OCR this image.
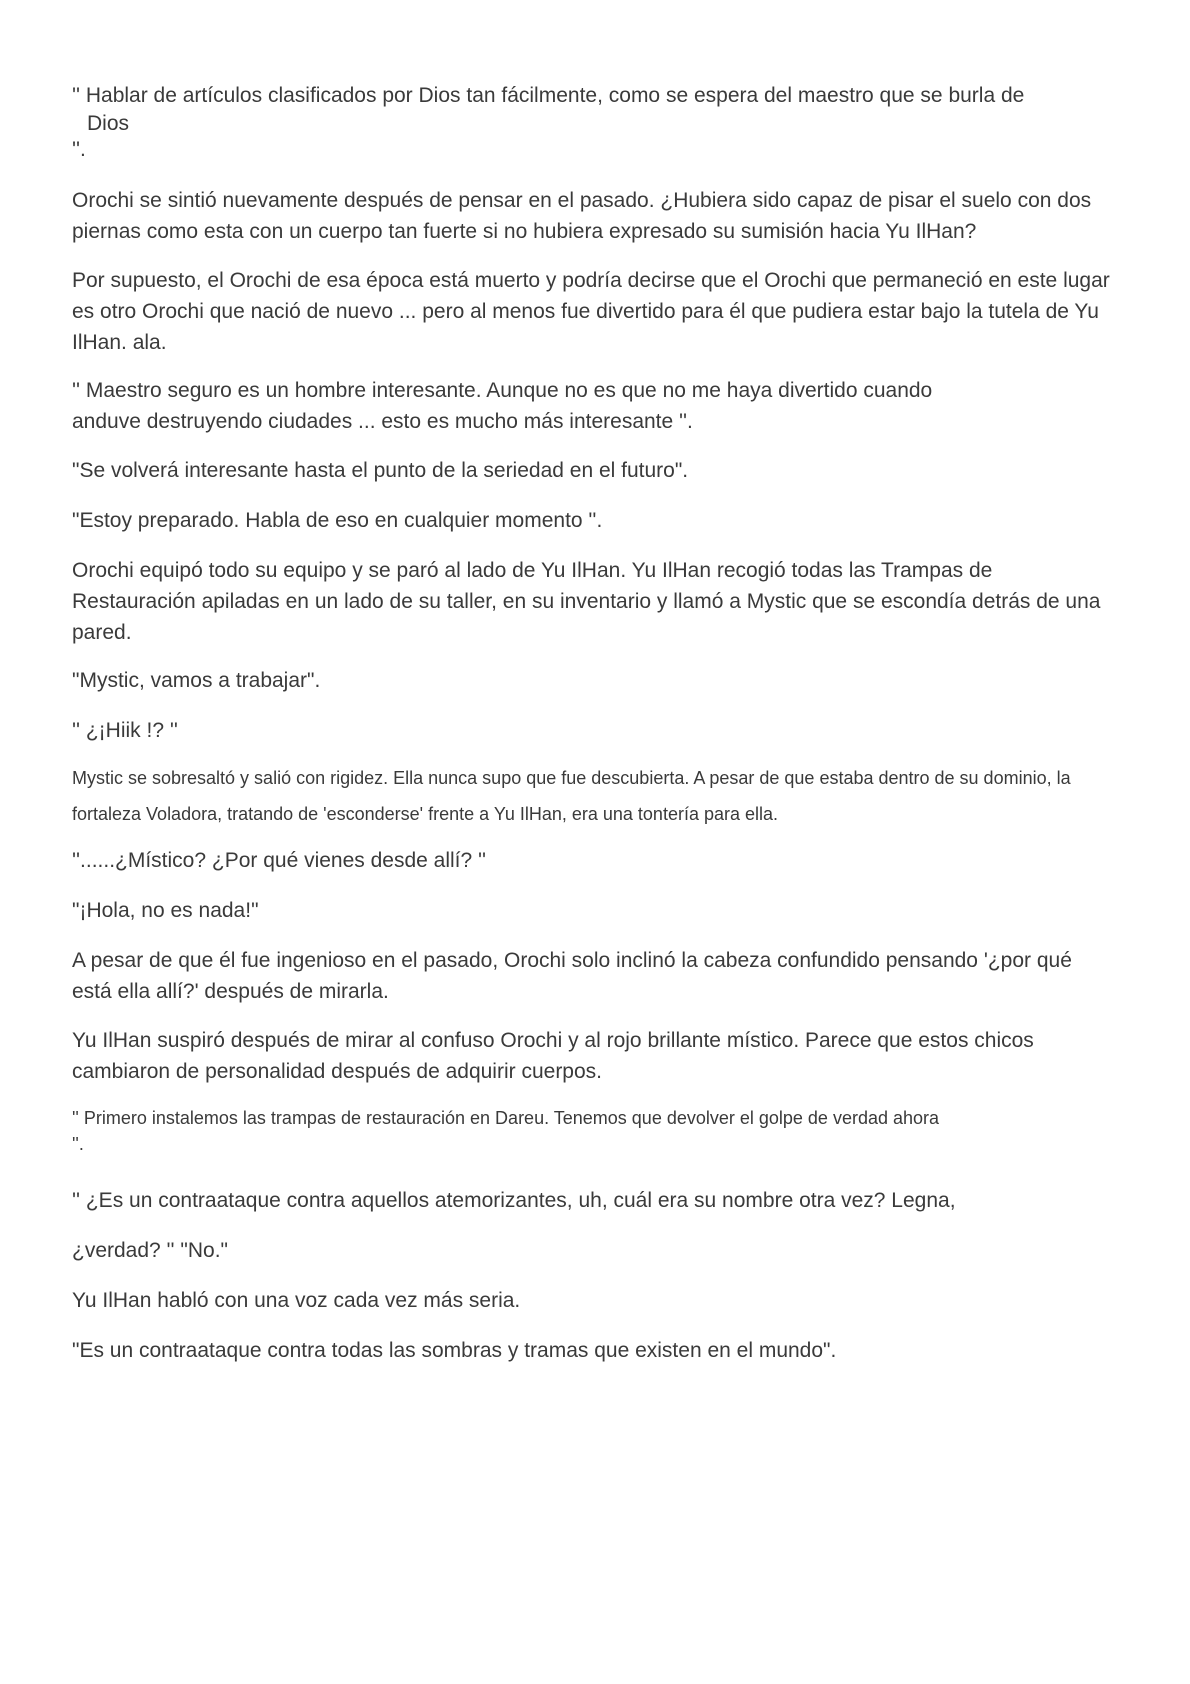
'' Hablar de artículos clasificados por Dios tan fácilmente, como se espera del maestro que se burla de
Dios
''.

Orochi se sintió nuevamente después de pensar en el pasado. ¿Hubiera sido capaz de pisar el suelo con dos piernas como esta con un cuerpo tan fuerte si no hubiera expresado su sumisión hacia Yu IlHan?

Por supuesto, el Orochi de esa época está muerto y podría decirse que el Orochi que permaneció en este lugar es otro Orochi que nació de nuevo ... pero al menos fue divertido para él que pudiera estar bajo la tutela de Yu IlHan. ala.

'' Maestro seguro es un hombre interesante. Aunque no es que no me haya divertido cuando
anduve destruyendo ciudades ... esto es mucho más interesante ''.

"Se volverá interesante hasta el punto de la seriedad en el futuro".

"Estoy preparado. Habla de eso en cualquier momento ''.

Orochi equipó todo su equipo y se paró al lado de Yu IlHan. Yu IlHan recogió todas las Trampas de Restauración apiladas en un lado de su taller, en su inventario y llamó a Mystic que se escondía detrás de una pared.

"Mystic, vamos a trabajar".

'' ¿¡Hiik !? ''

Mystic se sobresaltó y salió con rigidez. Ella nunca supo que fue descubierta. A pesar de que estaba dentro de su dominio, la fortaleza Voladora, tratando de 'esconderse' frente a Yu IlHan, era una tontería para ella.

''......¿Místico? ¿Por qué vienes desde allí? ''

"¡Hola, no es nada!"

A pesar de que él fue ingenioso en el pasado, Orochi solo inclinó la cabeza confundido pensando '¿por qué está ella allí?' después de mirarla.

Yu IlHan suspiró después de mirar al confuso Orochi y al rojo brillante místico. Parece que estos chicos cambiaron de personalidad después de adquirir cuerpos.

'' Primero instalemos las trampas de restauración en Dareu. Tenemos que devolver el golpe de verdad ahora
''.

'' ¿Es un contraataque contra aquellos atemorizantes, uh, cuál era su nombre otra vez? Legna,

¿verdad? '' "No."

Yu IlHan habló con una voz cada vez más seria.

"Es un contraataque contra todas las sombras y tramas que existen en el mundo".
